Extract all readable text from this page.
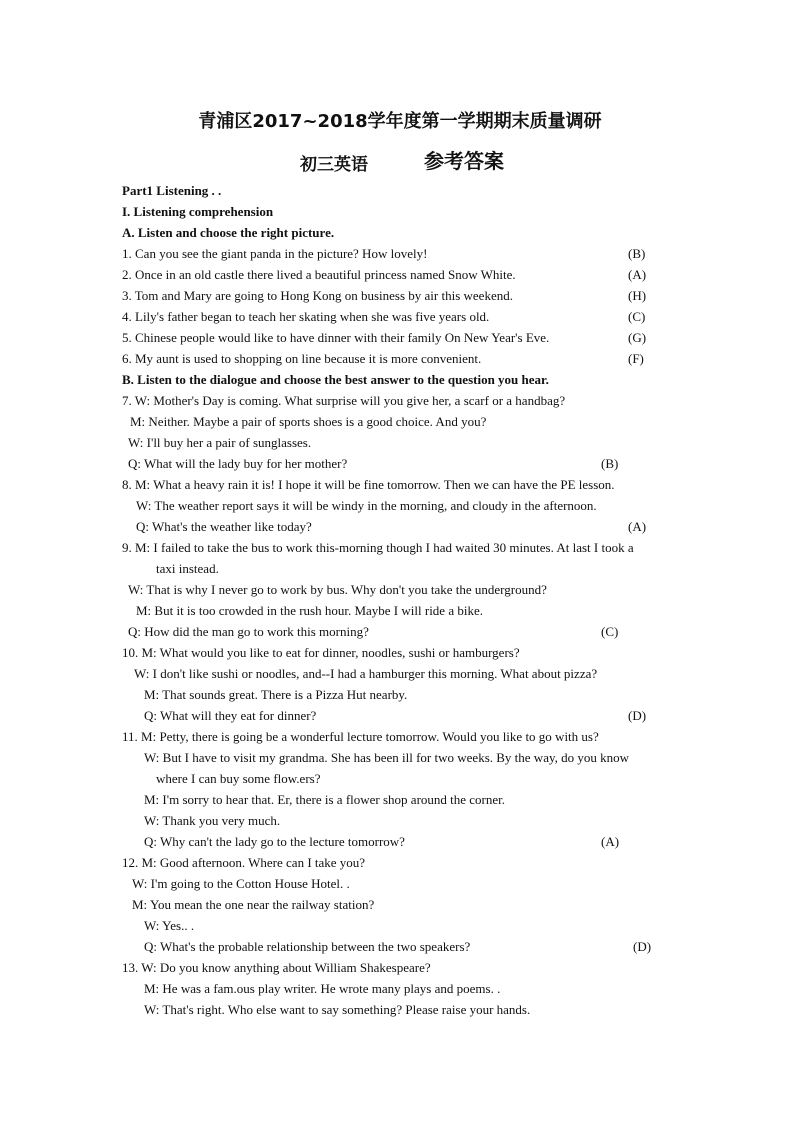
青浦区2017~2018学年度第一学期期末质量调研
初三英语	参考答案
Part1 Listening . .
I. Listening comprehension
A. Listen and choose the right picture.
1. Can you see the giant panda in the picture? How lovely!	(B)
2. Once in an old castle there lived a beautiful princess named Snow White.	(A)
3. Tom and Mary are going to Hong Kong on business by air this weekend.	(H)
4. Lily's father began to teach her skating when she was five years old.	(C)
5. Chinese people would like to have dinner with their family On New Year's Eve.	(G)
6. My aunt is used to shopping on line because it is more convenient.	(F)
B. Listen to the dialogue and choose the best answer to the question you hear.
7. W: Mother's Day is coming. What surprise will you give her, a scarf or a handbag?
M: Neither. Maybe a pair of sports shoes is a good choice. And you?
W: I'll buy her a pair of sunglasses.
Q: What will the lady buy for her mother?	(B)
8. M: What a heavy rain it is! I hope it will be fine tomorrow. Then we can have the PE lesson.
W: The weather report says it will be windy in the morning, and cloudy in the afternoon.
Q: What's the weather like today?	(A)
9. M: I failed to take the bus to work this-morning though I had waited 30 minutes. At last I took a
taxi instead.
W: That is why I never go to work by bus. Why don't you take the underground?
M: But it is too crowded in the rush hour. Maybe I will ride a bike.
Q: How did the man go to work this morning?	(C)
10. M: What would you like to eat for dinner, noodles, sushi or hamburgers?
W: I don't like sushi or noodles, and--I had a hamburger this morning. What about pizza?
M: That sounds great. There is a Pizza Hut nearby.
Q: What will they eat for dinner?	(D)
11. M: Petty, there is going be a wonderful lecture tomorrow. Would you like to go with us?
W: But I have to visit my grandma. She has been ill for two weeks. By the way, do you know
where I can buy some flow.ers?
M: I'm sorry to hear that. Er, there is a flower shop around the corner.
W: Thank you very much.
Q: Why can't the lady go to the lecture tomorrow?	(A)
12. M: Good afternoon. Where can I take you?
W: I'm going to the Cotton House Hotel. .
M: You mean the one near the railway station?
W: Yes.. .
Q: What's the probable relationship between the two speakers?	(D)
13. W: Do you know anything about William Shakespeare?
M: He was a fam.ous play writer. He wrote many plays and poems. .
W: That's right. Who else want to say something? Please raise your hands.
